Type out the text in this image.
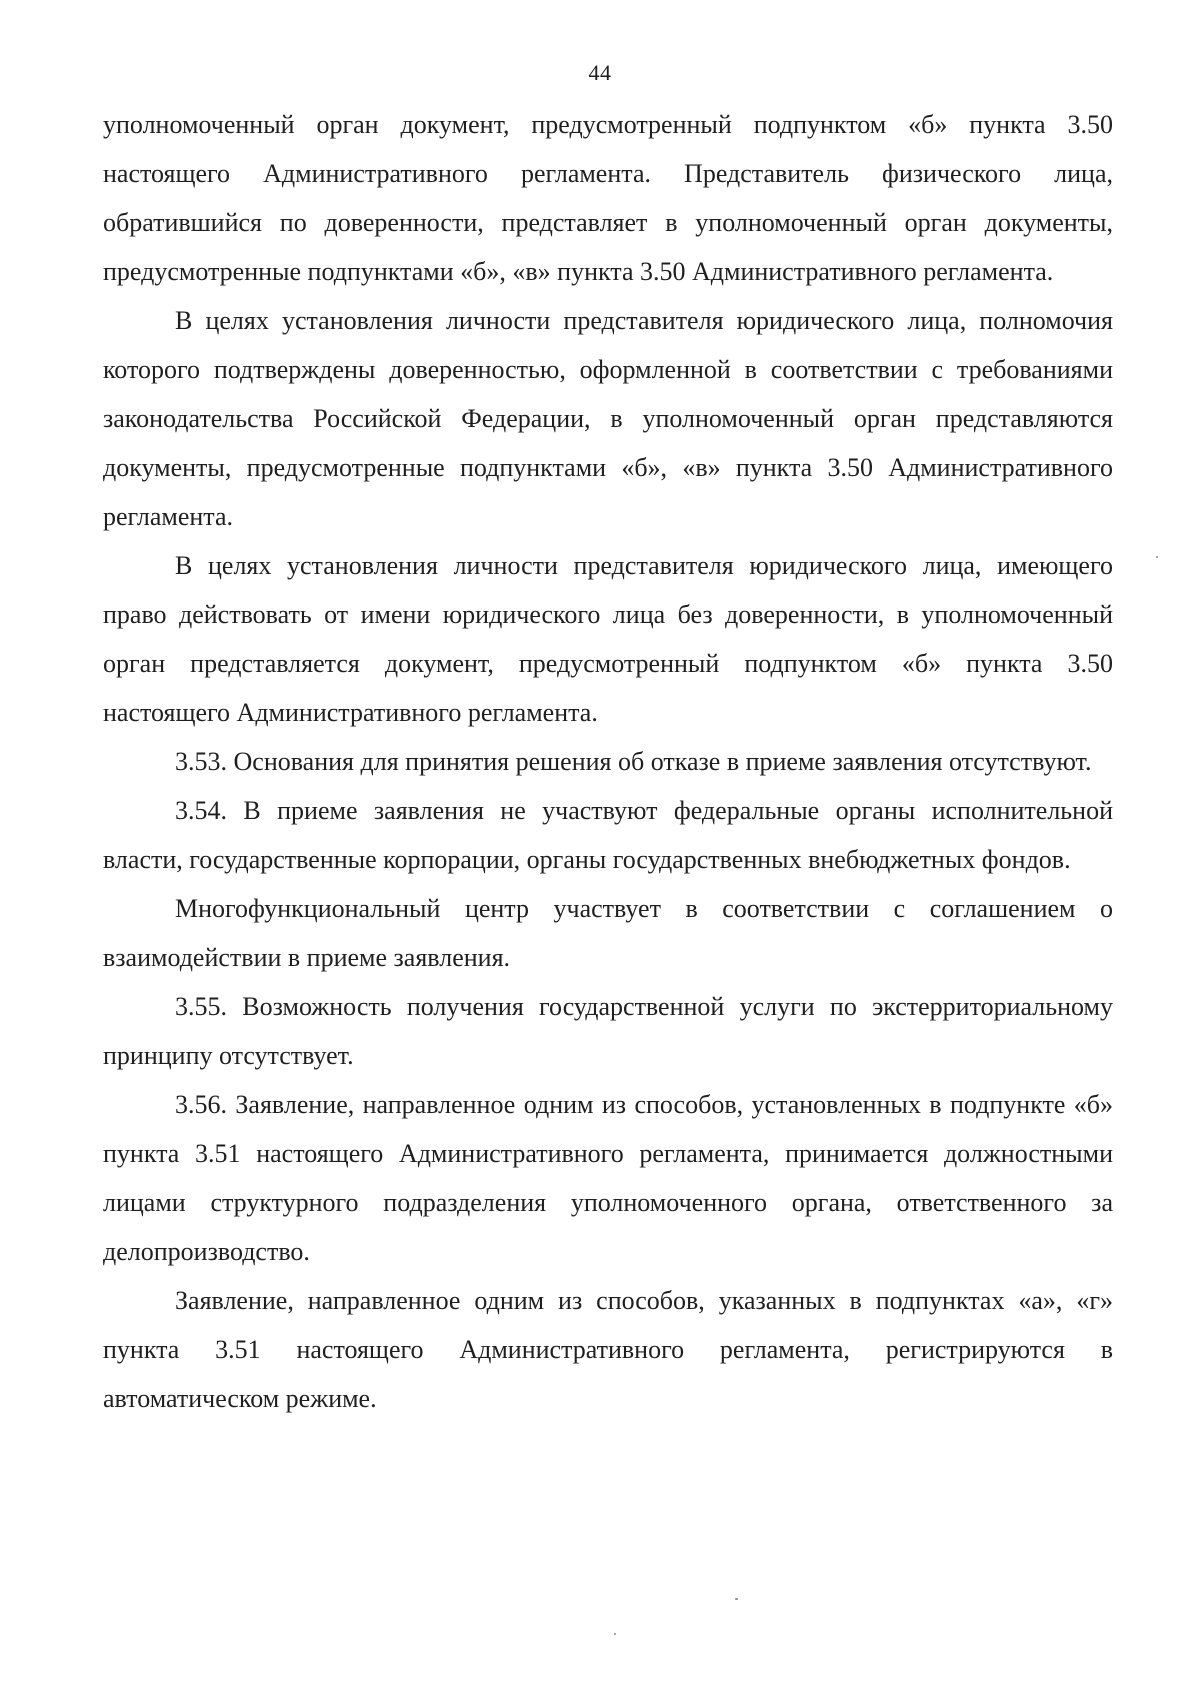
44

уполномоченный орган документ, предусмотренный подпунктом «б» пункта 3.50 настоящего Административного регламента. Представитель физического лица, обратившийся по доверенности, представляет в уполномоченный орган документы, предусмотренные подпунктами «б», «в» пункта 3.50 Административного регламента.

В целях установления личности представителя юридического лица, полномочия которого подтверждены доверенностью, оформленной в соответствии с требованиями законодательства Российской Федерации, в уполномоченный орган представляются документы, предусмотренные подпунктами «б», «в» пункта 3.50 Административного регламента.

В целях установления личности представителя юридического лица, имеющего право действовать от имени юридического лица без доверенности, в уполномоченный орган представляется документ, предусмотренный подпунктом «б» пункта 3.50 настоящего Административного регламента.

3.53. Основания для принятия решения об отказе в приеме заявления отсутствуют.

3.54. В приеме заявления не участвуют федеральные органы исполнительной власти, государственные корпорации, органы государственных внебюджетных фондов.

Многофункциональный центр участвует в соответствии с соглашением о взаимодействии в приеме заявления.

3.55. Возможность получения государственной услуги по экстерриториальному принципу отсутствует.

3.56. Заявление, направленное одним из способов, установленных в подпункте «б» пункта 3.51 настоящего Административного регламента, принимается должностными лицами структурного подразделения уполномоченного органа, ответственного за делопроизводство.

Заявление, направленное одним из способов, указанных в подпунктах «а», «г» пункта 3.51 настоящего Административного регламента, регистрируются в автоматическом режиме.
